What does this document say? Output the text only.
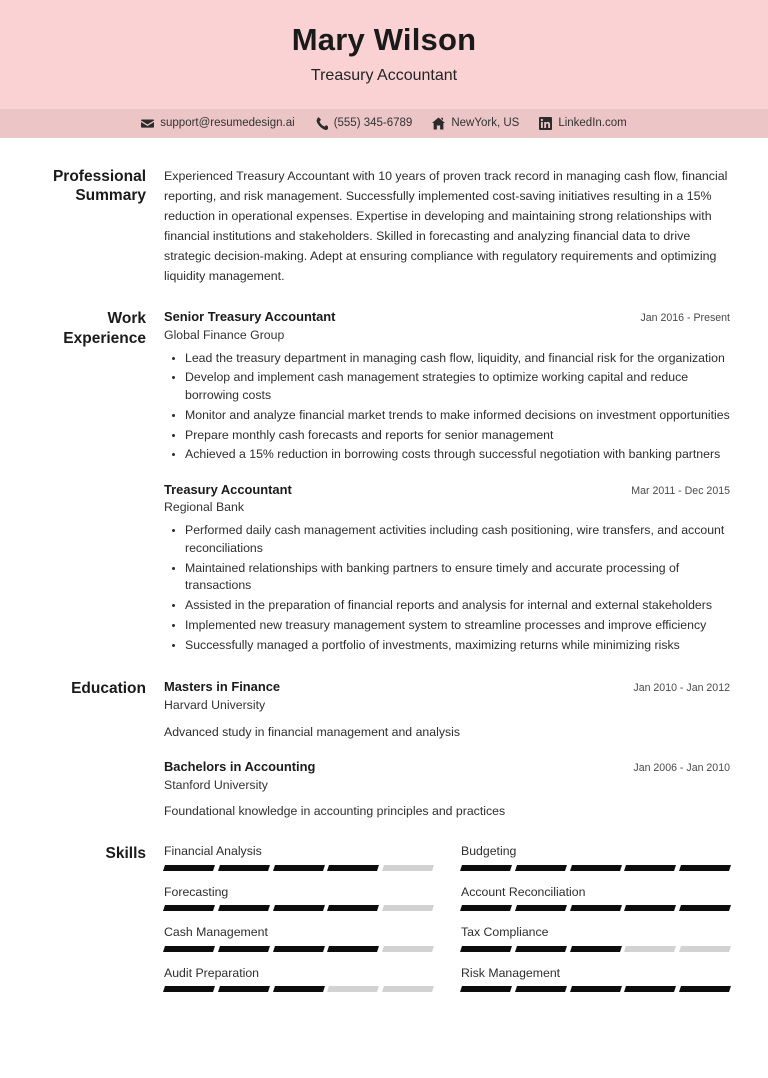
Mary Wilson
Treasury Accountant
support@resumedesign.ai	(555) 345-6789	NewYork, US	LinkedIn.com
Professional Summary
Experienced Treasury Accountant with 10 years of proven track record in managing cash flow, financial reporting, and risk management. Successfully implemented cost-saving initiatives resulting in a 15% reduction in operational expenses. Expertise in developing and maintaining strong relationships with financial institutions and stakeholders. Skilled in forecasting and analyzing financial data to drive strategic decision-making. Adept at ensuring compliance with regulatory requirements and optimizing liquidity management.
Work Experience
Senior Treasury Accountant	Jan 2016 - Present
Global Finance Group
Lead the treasury department in managing cash flow, liquidity, and financial risk for the organization
Develop and implement cash management strategies to optimize working capital and reduce borrowing costs
Monitor and analyze financial market trends to make informed decisions on investment opportunities
Prepare monthly cash forecasts and reports for senior management
Achieved a 15% reduction in borrowing costs through successful negotiation with banking partners
Treasury Accountant	Mar 2011 - Dec 2015
Regional Bank
Performed daily cash management activities including cash positioning, wire transfers, and account reconciliations
Maintained relationships with banking partners to ensure timely and accurate processing of transactions
Assisted in the preparation of financial reports and analysis for internal and external stakeholders
Implemented new treasury management system to streamline processes and improve efficiency
Successfully managed a portfolio of investments, maximizing returns while minimizing risks
Education	Masters in Finance	Jan 2010 - Jan 2012
Harvard University
Advanced study in financial management and analysis
Bachelors in Accounting	Jan 2006 - Jan 2010
Stanford University
Foundational knowledge in accounting principles and practices
Skills	Financial Analysis	Budgeting
Forecasting	Account Reconciliation
Cash Management	Tax Compliance
Audit Preparation	Risk Management
